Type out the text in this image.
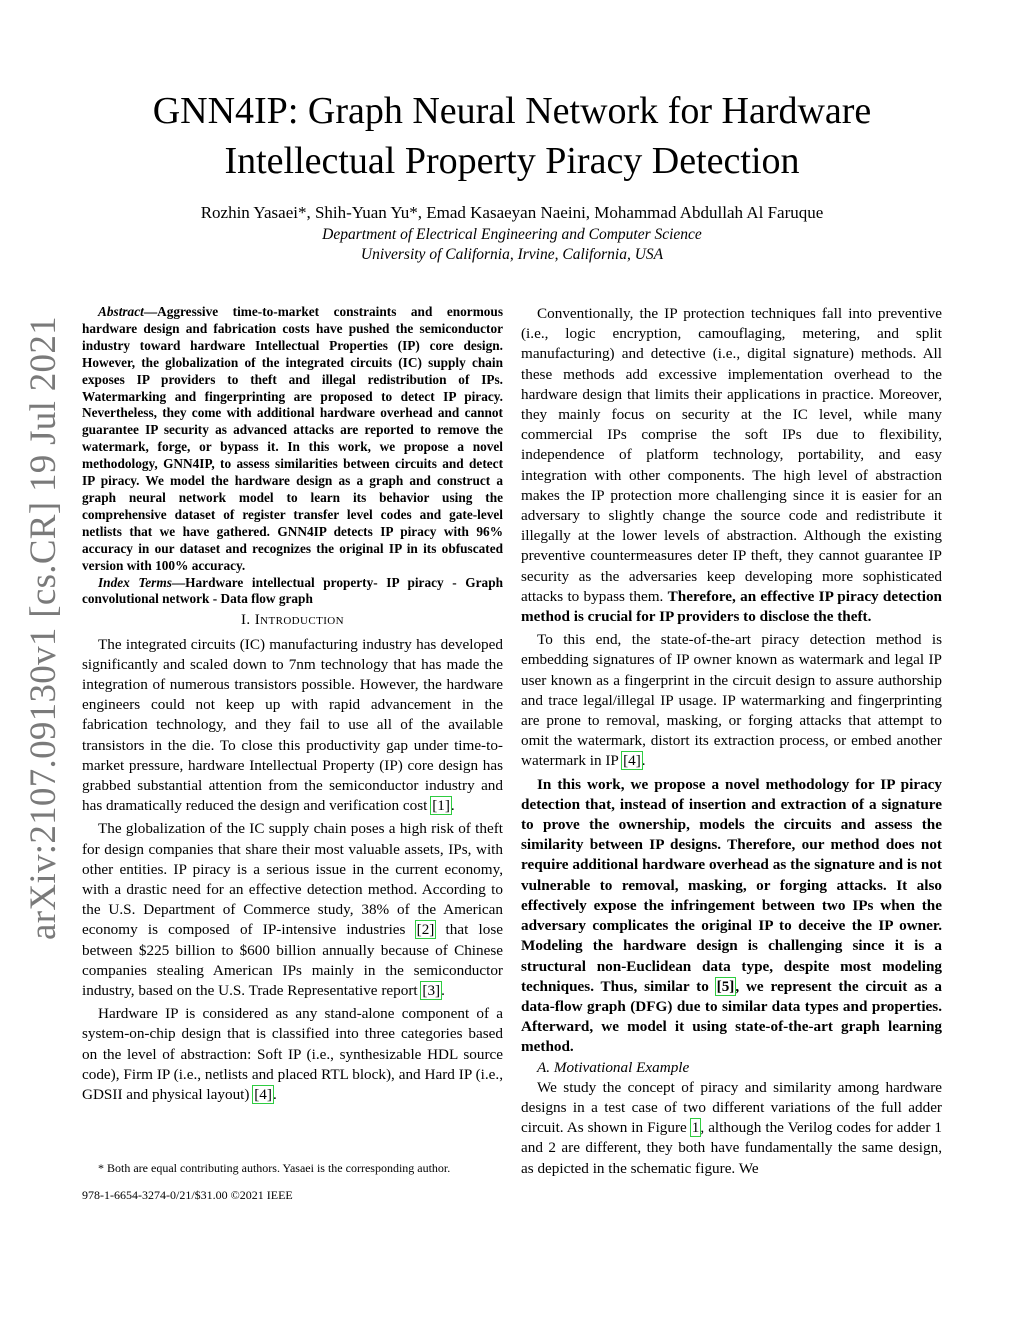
GNN4IP: Graph Neural Network for Hardware
Intellectual Property Piracy Detection
Rozhin Yasaei*, Shih-Yuan Yu*, Emad Kasaeyan Naeini, Mohammad Abdullah Al Faruque
Department of Electrical Engineering and Computer Science
University of California, Irvine, California, USA
arXiv:2107.09130v1 [cs.CR] 19 Jul 2021

Abstract—Aggressive time-to-market constraints and enormous hardware design and fabrication costs have pushed the semiconductor industry toward hardware Intellectual Properties (IP) core design. However, the globalization of the integrated circuits (IC) supply chain exposes IP providers to theft and illegal redistribution of IPs. Watermarking and fingerprinting are proposed to detect IP piracy. Nevertheless, they come with additional hardware overhead and cannot guarantee IP security as advanced attacks are reported to remove the watermark, forge, or bypass it. In this work, we propose a novel methodology, GNN4IP, to assess similarities between circuits and detect IP piracy. We model the hardware design as a graph and construct a graph neural network model to learn its behavior using the comprehensive dataset of register transfer level codes and gate-level netlists that we have gathered. GNN4IP detects IP piracy with 96% accuracy in our dataset and recognizes the original IP in its obfuscated version with 100% accuracy.

Index Terms—Hardware intellectual property- IP piracy - Graph convolutional network - Data flow graph

I. Introduction

The integrated circuits (IC) manufacturing industry has developed significantly and scaled down to 7nm technology that has made the integration of numerous transistors possible. However, the hardware engineers could not keep up with rapid advancement in the fabrication technology, and they fail to use all of the available transistors in the die. To close this productivity gap under time-to-market pressure, hardware Intellectual Property (IP) core design has grabbed substantial attention from the semiconductor industry and has dramatically reduced the design and verification cost [1].

The globalization of the IC supply chain poses a high risk of theft for design companies that share their most valuable assets, IPs, with other entities. IP piracy is a serious issue in the current economy, with a drastic need for an effective detection method. According to the U.S. Department of Commerce study, 38% of the American economy is composed of IP-intensive industries [2] that lose between $225 billion to $600 billion annually because of Chinese companies stealing American IPs mainly in the semiconductor industry, based on the U.S. Trade Representative report [3].

Hardware IP is considered as any stand-alone component of a system-on-chip design that is classified into three categories based on the level of abstraction: Soft IP (i.e., synthesizable HDL source code), Firm IP (i.e., netlists and placed RTL block), and Hard IP (i.e., GDSII and physical layout) [4].

* Both are equal contributing authors. Yasaei is the corresponding author.
978-1-6654-3274-0/21/$31.00 ©2021 IEEE

Conventionally, the IP protection techniques fall into preventive (i.e., logic encryption, camouflaging, metering, and split manufacturing) and detective (i.e., digital signature) methods. All these methods add excessive implementation overhead to the hardware design that limits their applications in practice. Moreover, they mainly focus on security at the IC level, while many commercial IPs comprise the soft IPs due to flexibility, independence of platform technology, portability, and easy integration with other components. The high level of abstraction makes the IP protection more challenging since it is easier for an adversary to slightly change the source code and redistribute it illegally at the lower levels of abstraction. Although the existing preventive countermeasures deter IP theft, they cannot guarantee IP security as the adversaries keep developing more sophisticated attacks to bypass them. Therefore, an effective IP piracy detection method is crucial for IP providers to disclose the theft.

To this end, the state-of-the-art piracy detection method is embedding signatures of IP owner known as watermark and legal IP user known as a fingerprint in the circuit design to assure authorship and trace legal/illegal IP usage. IP watermarking and fingerprinting are prone to removal, masking, or forging attacks that attempt to omit the watermark, distort its extraction process, or embed another watermark in IP [4].

In this work, we propose a novel methodology for IP piracy detection that, instead of insertion and extraction of a signature to prove the ownership, models the circuits and assess the similarity between IP designs. Therefore, our method does not require additional hardware overhead as the signature and is not vulnerable to removal, masking, or forging attacks. It also effectively expose the infringement between two IPs when the adversary complicates the original IP to deceive the IP owner. Modeling the hardware design is challenging since it is a structural non-Euclidean data type, despite most modeling techniques. Thus, similar to [5], we represent the circuit as a data-flow graph (DFG) due to similar data types and properties. Afterward, we model it using state-of-the-art graph learning method.

A. Motivational Example

We study the concept of piracy and similarity among hardware designs in a test case of two different variations of the full adder circuit. As shown in Figure 1, although the Verilog codes for adder 1 and 2 are different, they both have fundamentally the same design, as depicted in the schematic figure. We
